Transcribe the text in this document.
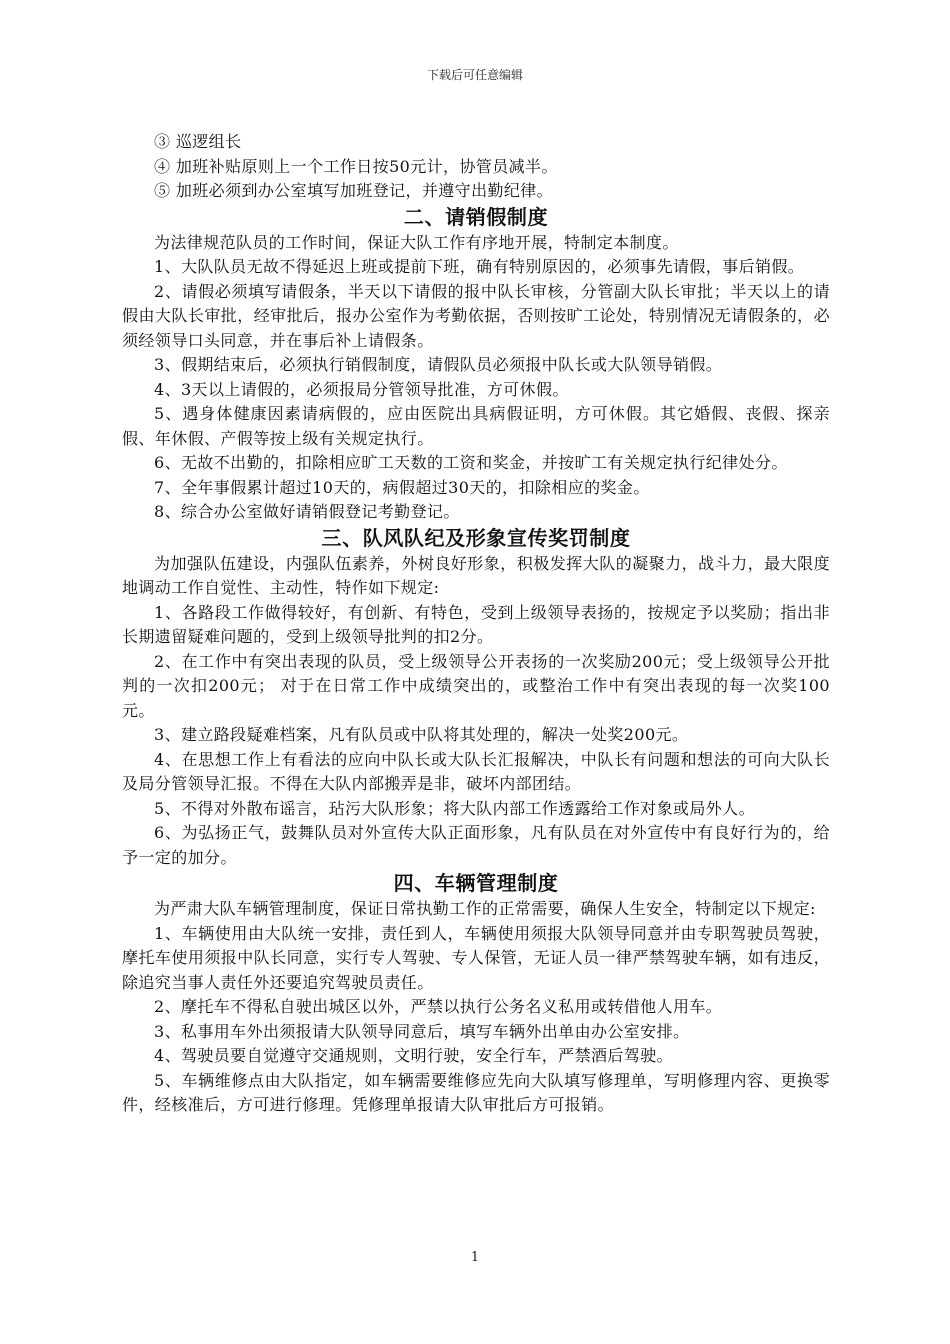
下载后可任意编辑

③ 巡逻组长

④ 加班补贴原则上一个工作日按50元计，协管员减半。

⑤ 加班必须到办公室填写加班登记，并遵守出勤纪律。

二、请销假制度

为法律规范队员的工作时间，保证大队工作有序地开展，特制定本制度。

1、大队队员无故不得延迟上班或提前下班，确有特别原因的，必须事先请假，事后销假。

2、请假必须填写请假条，半天以下请假的报中队长审核，分管副大队长审批；半天以上的请假由大队长审批，经审批后，报办公室作为考勤依据，否则按旷工论处，特别情况无请假条的，必须经领导口头同意，并在事后补上请假条。

3、假期结束后，必须执行销假制度，请假队员必须报中队长或大队领导销假。

4、3天以上请假的，必须报局分管领导批准，方可休假。

5、遇身体健康因素请病假的，应由医院出具病假证明，方可休假。其它婚假、丧假、探亲假、年休假、产假等按上级有关规定执行。

6、无故不出勤的，扣除相应旷工天数的工资和奖金，并按旷工有关规定执行纪律处分。

7、全年事假累计超过10天的，病假超过30天的，扣除相应的奖金。

8、综合办公室做好请销假登记考勤登记。

三、队风队纪及形象宣传奖罚制度

为加强队伍建设，内强队伍素养，外树良好形象，积极发挥大队的凝聚力，战斗力，最大限度地调动工作自觉性、主动性，特作如下规定:

1、各路段工作做得较好，有创新、有特色，受到上级领导表扬的，按规定予以奖励；指出非长期遗留疑难问题的，受到上级领导批判的扣2分。

2、在工作中有突出表现的队员，受上级领导公开表扬的一次奖励200元；受上级领导公开批判的一次扣200元； 对于在日常工作中成绩突出的，或整治工作中有突出表现的每一次奖100元。

3、建立路段疑难档案，凡有队员或中队将其处理的，解决一处奖200元。

4、在思想工作上有看法的应向中队长或大队长汇报解决，中队长有问题和想法的可向大队长及局分管领导汇报。不得在大队内部搬弄是非，破坏内部团结。

5、不得对外散布谣言，玷污大队形象；将大队内部工作透露给工作对象或局外人。

6、为弘扬正气，鼓舞队员对外宣传大队正面形象，凡有队员在对外宣传中有良好行为的，给予一定的加分。

四、车辆管理制度

为严肃大队车辆管理制度，保证日常执勤工作的正常需要，确保人生安全，特制定以下规定:

1、车辆使用由大队统一安排，责任到人，车辆使用须报大队领导同意并由专职驾驶员驾驶，摩托车使用须报中队长同意，实行专人驾驶、专人保管，无证人员一律严禁驾驶车辆，如有违反，除追究当事人责任外还要追究驾驶员责任。

2、摩托车不得私自驶出城区以外，严禁以执行公务名义私用或转借他人用车。

3、私事用车外出须报请大队领导同意后，填写车辆外出单由办公室安排。

4、驾驶员要自觉遵守交通规则，文明行驶，安全行车，严禁酒后驾驶。

5、车辆维修点由大队指定，如车辆需要维修应先向大队填写修理单，写明修理内容、更换零件，经核准后，方可进行修理。凭修理单报请大队审批后方可报销。

1
